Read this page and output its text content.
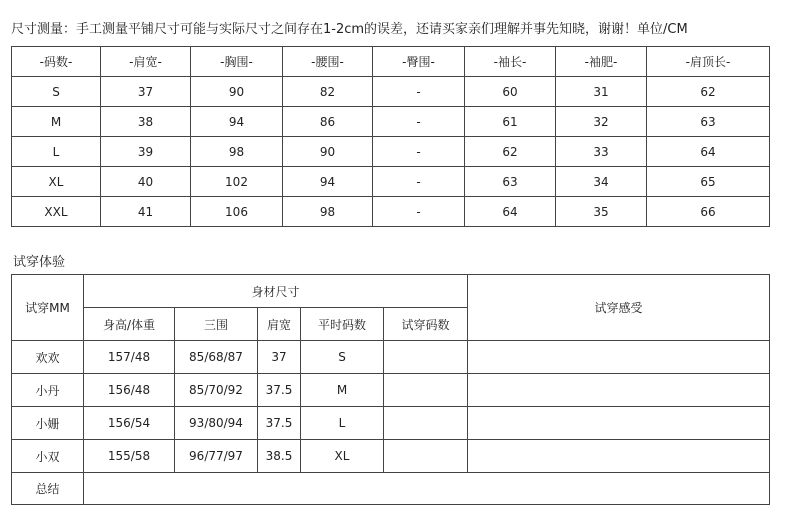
尺寸测量：手工测量平铺尺寸可能与实际尺寸之间存在1-2cm的误差，还请买家亲们理解并事先知晓，谢谢！单位/CM
-码数-	-肩宽-	-胸围-	-腰围-	-臀围-	-袖长-	-袖肥-	-肩顶长-
S	37	90	82	-	60	31	62
M	38	94	86	-	61	32	63
L	39	98	90	-	62	33	64
XL	40	102	94	-	63	34	65
XXL	41	106	98	-	64	35	66
试穿体验
试穿MM	身材尺寸					试穿感受
	身高/体重	三围	肩宽	平时码数	试穿码数	
欢欢	157/48	85/68/87	37	S		
小丹	156/48	85/70/92	37.5	M		
小姗	156/54	93/80/94	37.5	L		
小双	155/58	96/77/97	38.5	XL		
总结						
